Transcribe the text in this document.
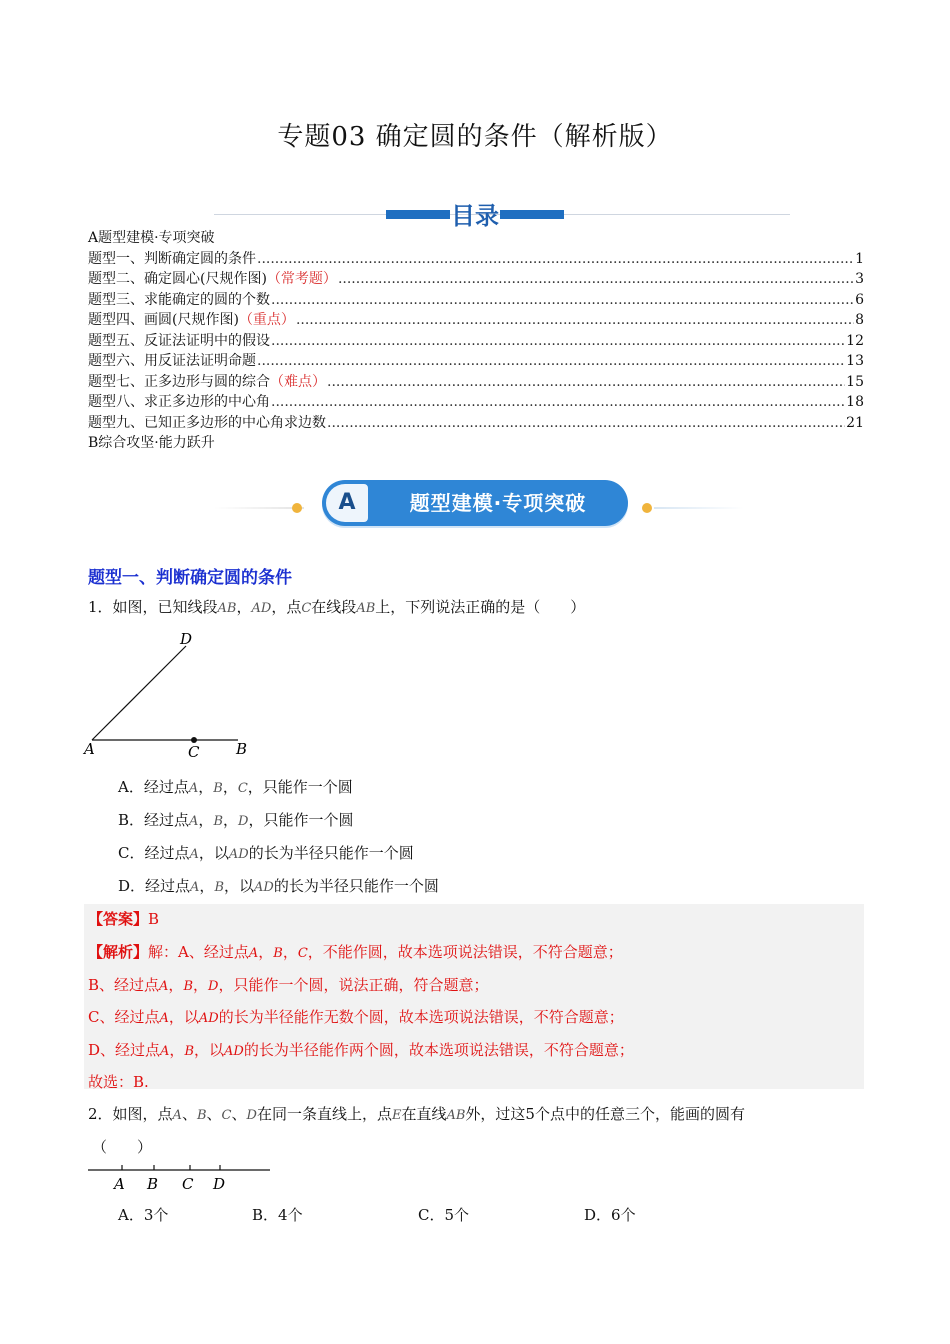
专题03 确定圆的条件（解析版）
目录
A题型建模·专项突破
题型一、判断确定圆的条件 .....	1
题型二、确定圆心(尺规作图) （常考题） .....	3
题型三、求能确定的圆的个数 .....	6
题型四、画圆(尺规作图) （重点） .....	8
题型五、反证法证明中的假设 .....	12
题型六、用反证法证明命题 .....	13
题型七、正多边形与圆的综合 （难点） .....	15
题型八、求正多边形的中心角 .....	18
题型九、已知正多边形的中心角求边数 .....	21
B综合攻坚·能力跃升
A	题型建模·专项突破
题型一、判断确定圆的条件
1．如图，已知线段AB，AD，点C在线段AB上，下列说法正确的是（　　）
D
A	C B
A．经过点A，B，C，只能作一个圆
B．经过点A，B，D，只能作一个圆
C．经过点A，以AD的长为半径只能作一个圆
D．经过点A，B，以AD的长为半径只能作一个圆
【答案】B
【解析】解：A、经过点A，B，C，不能作圆，故本选项说法错误，不符合题意；
B、经过点A，B，D，只能作一个圆，说法正确，符合题意；
C、经过点A，以AD的长为半径能作无数个圆，故本选项说法错误，不符合题意；
D、经过点A，B，以AD的长为半径能作两个圆，故本选项说法错误，不符合题意；
故选：B.
2．如图，点A、B、C、D在同一条直线上，点E在直线AB外，过这5个点中的任意三个，能画的圆有
（　　）
A B C D
A．3个	B．4个	C．5个	D．6个
